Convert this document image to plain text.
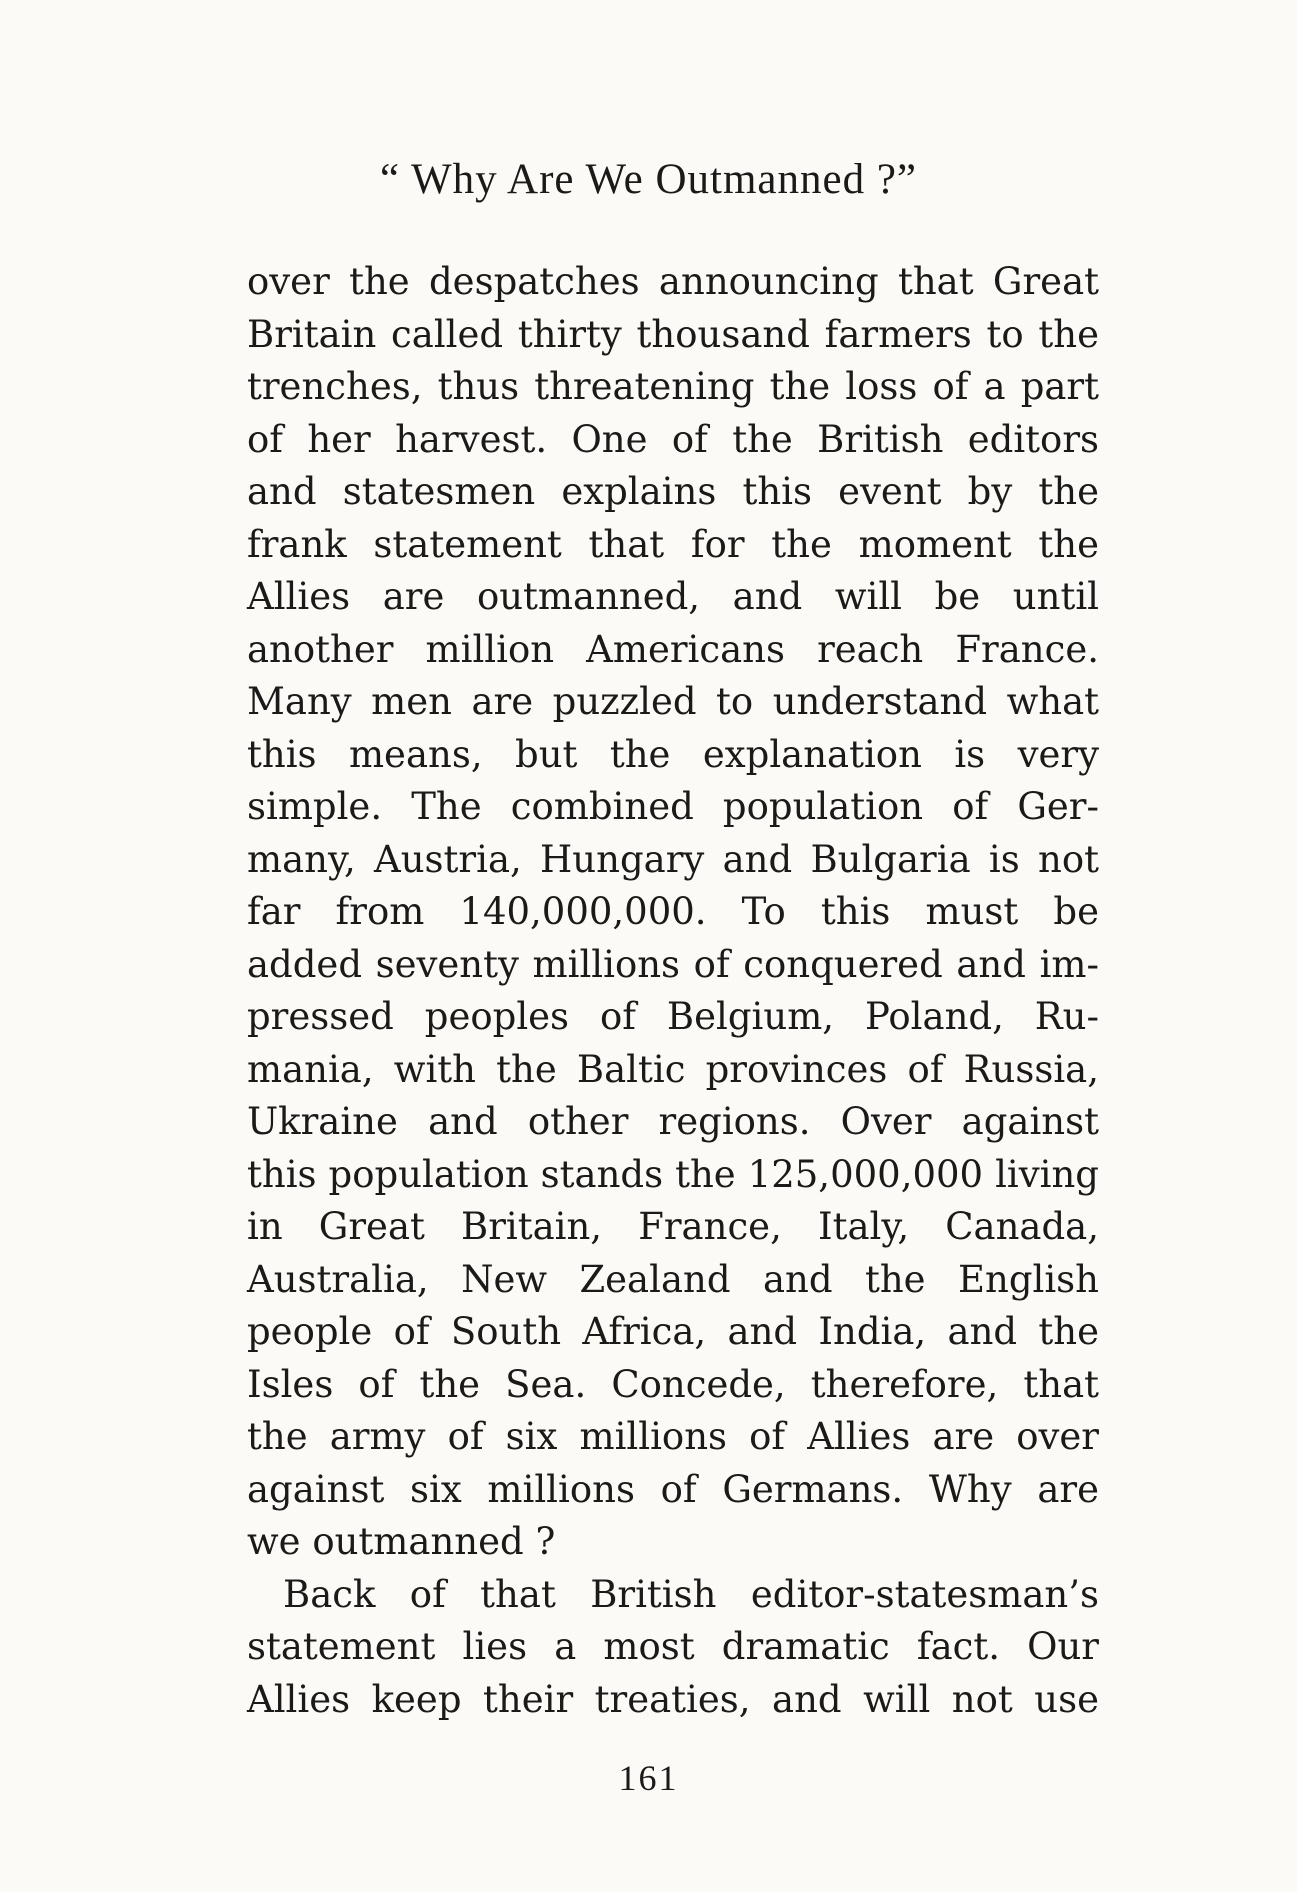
“ Why Are We Outmanned ?”
over the despatches announcing that Great
Britain called thirty thousand farmers to the
trenches, thus threatening the loss of a part
of her harvest. One of the British editors
and statesmen explains this event by the
frank statement that for the moment the
Allies are outmanned, and will be until
another million Americans reach France.
Many men are puzzled to understand what
this means, but the explanation is very
simple. The combined population of Ger-
many, Austria, Hungary and Bulgaria is not
far from 140,000,000. To this must be
added seventy millions of conquered and im-
pressed peoples of Belgium, Poland, Ru-
mania, with the Baltic provinces of Russia,
Ukraine and other regions. Over against
this population stands the 125,000,000 living
in Great Britain, France, Italy, Canada,
Australia, New Zealand and the English
people of South Africa, and India, and the
Isles of the Sea. Concede, therefore, that
the army of six millions of Allies are over
against six millions of Germans. Why are
we outmanned ?
Back of that British editor-statesman’s
statement lies a most dramatic fact. Our
Allies keep their treaties, and will not use
161
